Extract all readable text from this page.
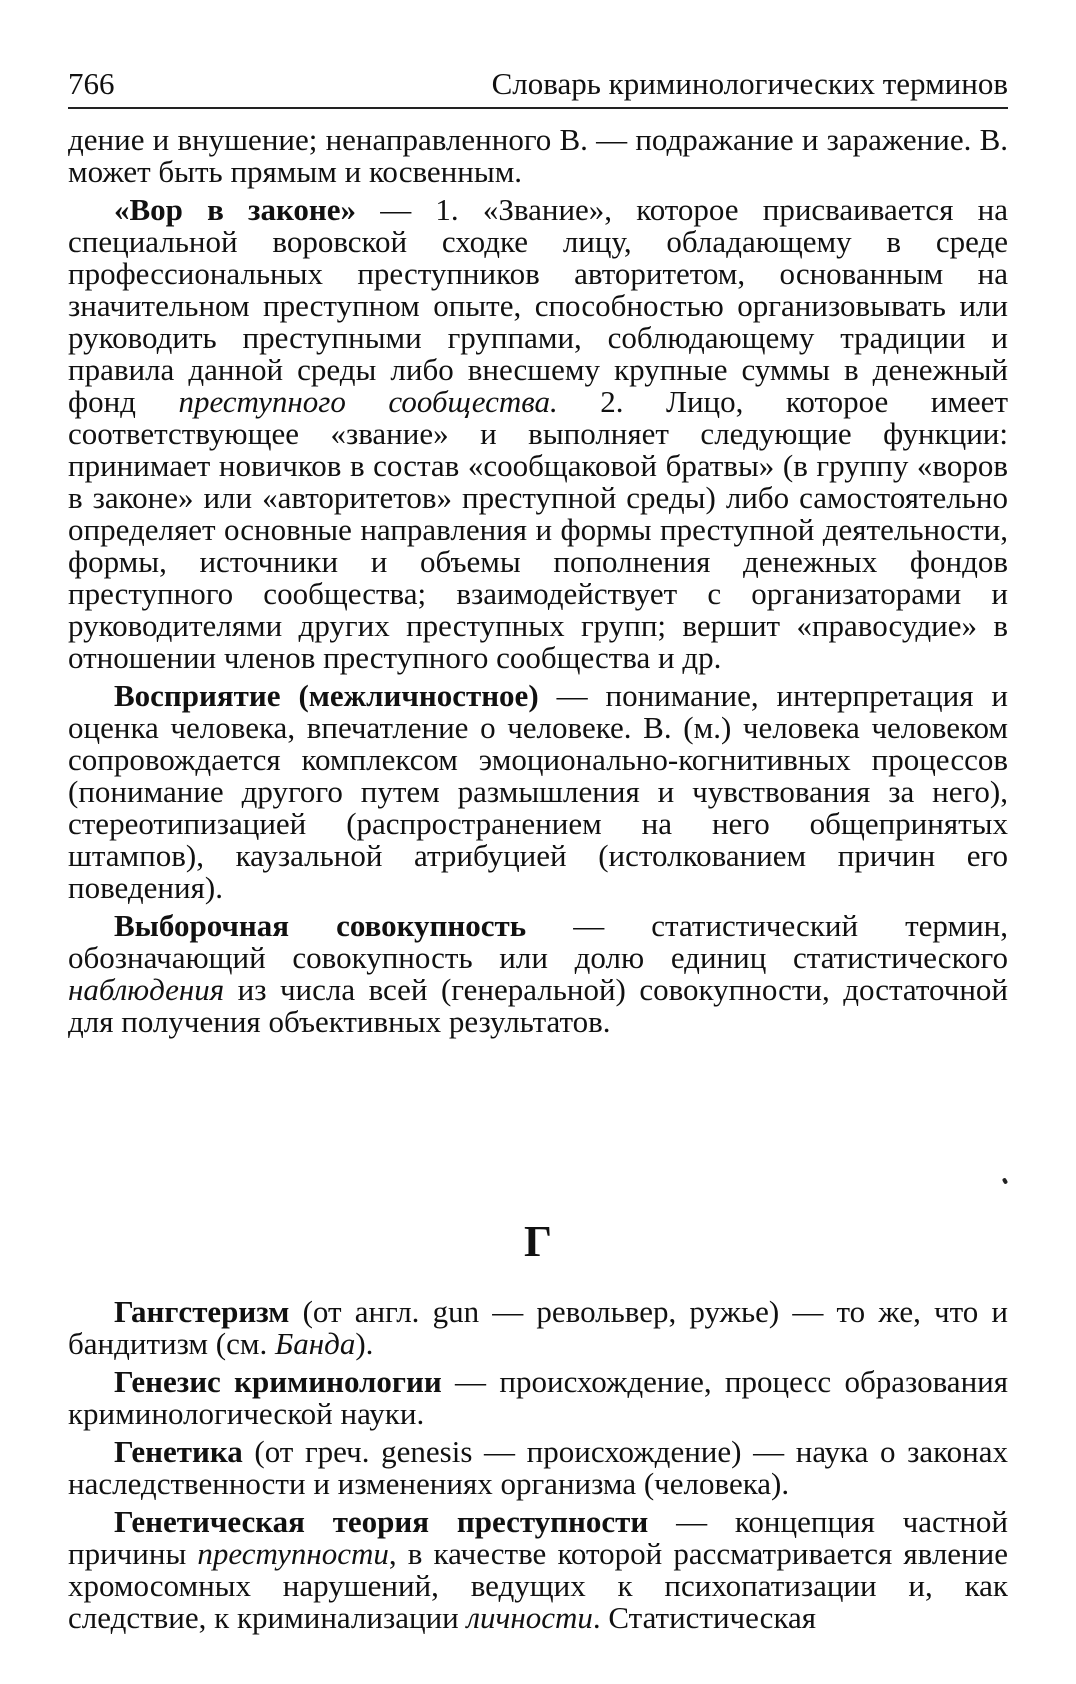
766	Словарь криминологических терминов

дение и внушение; ненаправленного В. — подражание и заражение. В. может быть прямым и косвенным.

«Вор в законе» — 1. «Звание», которое присваивается на специальной воровской сходке лицу, обладающему в среде профессиональных преступников авторитетом, основанным на значительном преступном опыте, способностью организовывать или руководить преступными группами, соблюдающему традиции и правила данной среды либо внесшему крупные суммы в денежный фонд преступного сообщества. 2. Лицо, которое имеет соответствующее «звание» и выполняет следующие функции: принимает новичков в состав «сообщаковой братвы» (в группу «воров в законе» или «авторитетов» преступной среды) либо самостоятельно определяет основные направления и формы преступной деятельности, формы, источники и объемы пополнения денежных фондов преступного сообщества; взаимодействует с организаторами и руководителями других преступных групп; вершит «правосудие» в отношении членов преступного сообщества и др.

Восприятие (межличностное) — понимание, интерпретация и оценка человека, впечатление о человеке. В. (м.) человека человеком сопровождается комплексом эмоционально-когнитивных процессов (понимание другого путем размышления и чувствования за него), стереотипизацией (распространением на него общепринятых штампов), каузальной атрибуцией (истолкованием причин его поведения).

Выборочная совокупность — статистический термин, обозначающий совокупность или долю единиц статистического наблюдения из числа всей (генеральной) совокупности, достаточной для получения объективных результатов.

Г

Гангстеризм (от англ. gun — револьвер, ружье) — то же, что и бандитизм (см. Банда).

Генезис криминологии — происхождение, процесс образования криминологической науки.

Генетика (от греч. genesis — происхождение) — наука о законах наследственности и изменениях организма (человека).

Генетическая теория преступности — концепция частной причины преступности, в качестве которой рассматривается явление хромосомных нарушений, ведущих к психопатизации и, как следствие, к криминализации личности. Статистическая
